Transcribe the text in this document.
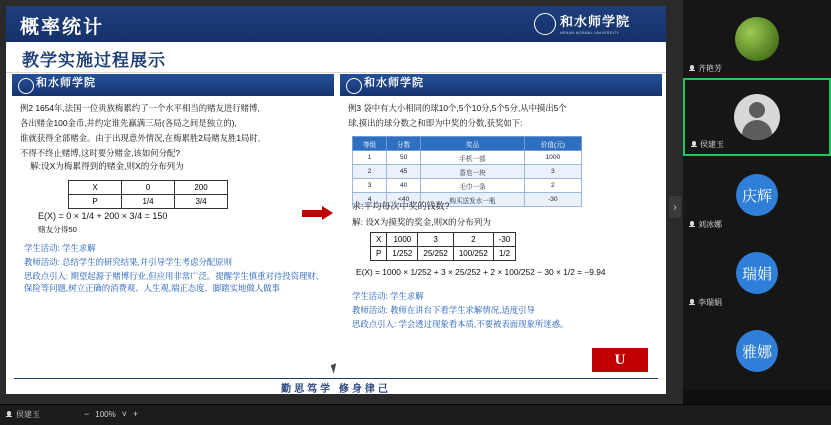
概率统计	和水师学院
HENAN NORMAL UNIVERSITY
教学实施过程展示
和水师学院

例2 1654年,法国一位贵族梅累约了一个水平相当的赌友进行赌博,

各出赌金100金币,并约定谁先赢满三局(各局之间是独立的),

谁就获得全部赌金。由于出现意外情况,在梅累胜2局赌友胜1局时,

不得不终止赌博,这时要分赌金,该如何分配?

解:设X为梅累得到的赌金,则X的分布列为
X	0	200
P	1/4	3/4
E(X) = 0 × 1/4 + 200 × 3/4 = 150
赌友分得50
学生活动: 学生求解
教师活动: 总结学生的研究结果,并引导学生考虑分配原则
思政点引入: 期望起源于赌博行业,但应用非常广泛。提醒学生慎重对待投资理财、保险等问题,树立正确的消费观、人生观,端正态度、脚踏实地做人做事
和水师学院

例3 袋中有大小相同的球10个,5个10分,5个5分,从中摸出5个

球,摸出的球分数之和即为中奖的分数,获奖如下:

等级	分数	奖品	价值(元)
1	50	手机一部	1000
2	45	香皂一块	3
3	40	毛巾一条	2
4	<40	购买送发水一瓶	-30
求:平均每次中奖的钱数?
解: 设X为摸奖的奖金,则X的分布列为
X	1000	3	2	-30
P	1/252	25/252	100/252	1/2
E(X) = 1000 × 1/252 + 3 × 25/252 + 2 × 100/252 − 30 × 1/2 = −9.94
学生活动: 学生求解
教师活动: 教师在讲台下看学生求解情况,适度引导
思政点引入: 学会透过现象看本质,不要被表面现象所迷惑。
U
勤思笃学 修身律己
›
齐艳芳
侯建玉
庆辉
刘冰娜
瑞娟
李瑞娟
雅娜
侯建玉	− 100% ˅ +
